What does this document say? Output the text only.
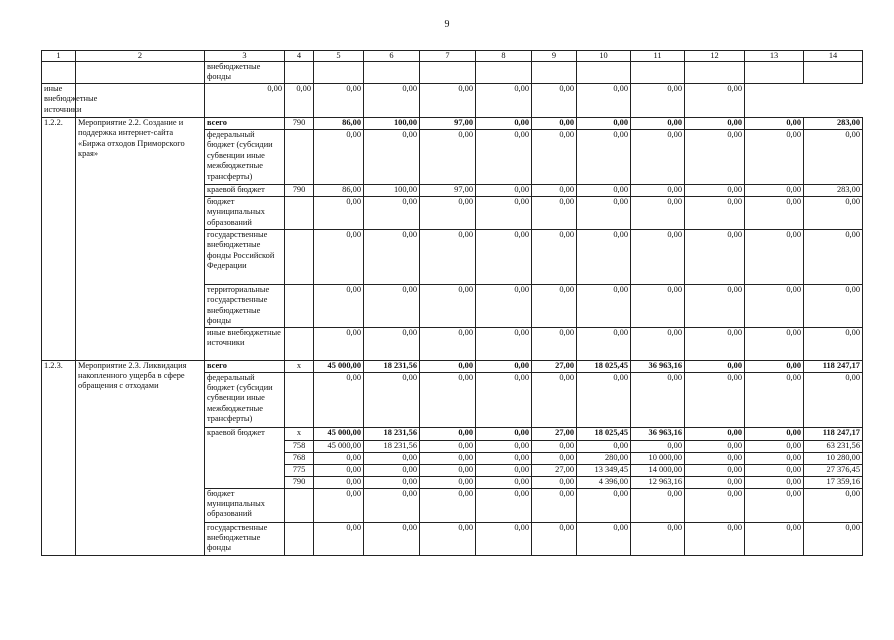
9
1	2	3	4	5	6	7	8	9	10	11	12	13	14
		внебюджетные фонды											
иные внебюджетные источники		0,00	0,00	0,00	0,00	0,00	0,00	0,00	0,00	0,00	0,00		
1.2.2.	Мероприятие 2.2. Создание и поддержка интернет-сайта «Биржа отходов Приморского края»	всего	790	86,00	100,00	97,00	0,00	0,00	0,00	0,00	0,00	0,00	283,00
		федеральный бюджет (субсидии субвенции иные межбюджетные трансферты)		0,00	0,00	0,00	0,00	0,00	0,00	0,00	0,00	0,00	0,00
		краевой бюджет	790	86,00	100,00	97,00	0,00	0,00	0,00	0,00	0,00	0,00	283,00
		бюджет муниципальных образований		0,00	0,00	0,00	0,00	0,00	0,00	0,00	0,00	0,00	0,00
		государственные внебюджетные фонды Российской Федерации		0,00	0,00	0,00	0,00	0,00	0,00	0,00	0,00	0,00	0,00
		территориальные государственные внебюджетные фонды		0,00	0,00	0,00	0,00	0,00	0,00	0,00	0,00	0,00	0,00
		иные внебюджетные источники		0,00	0,00	0,00	0,00	0,00	0,00	0,00	0,00	0,00	0,00
1.2.3.	Мероприятие 2.3. Ликвидация накопленного ущерба в сфере обращения с отходами	всего	х	45 000,00	18 231,56	0,00	0,00	27,00	18 025,45	36 963,16	0,00	0,00	118 247,17
		федеральный бюджет (субсидии субвенции иные межбюджетные трансферты)		0,00	0,00	0,00	0,00	0,00	0,00	0,00	0,00	0,00	0,00
		краевой бюджет	х	45 000,00	18 231,56	0,00	0,00	27,00	18 025,45	36 963,16	0,00	0,00	118 247,17
			758	45 000,00	18 231,56	0,00	0,00	0,00	0,00	0,00	0,00	0,00	63 231,56
			768	0,00	0,00	0,00	0,00	0,00	280,00	10 000,00	0,00	0,00	10 280,00
			775	0,00	0,00	0,00	0,00	27,00	13 349,45	14 000,00	0,00	0,00	27 376,45
			790	0,00	0,00	0,00	0,00	0,00	4 396,00	12 963,16	0,00	0,00	17 359,16
		бюджет муниципальных образований		0,00	0,00	0,00	0,00	0,00	0,00	0,00	0,00	0,00	0,00
		государственные внебюджетные фонды		0,00	0,00	0,00	0,00	0,00	0,00	0,00	0,00	0,00	0,00
